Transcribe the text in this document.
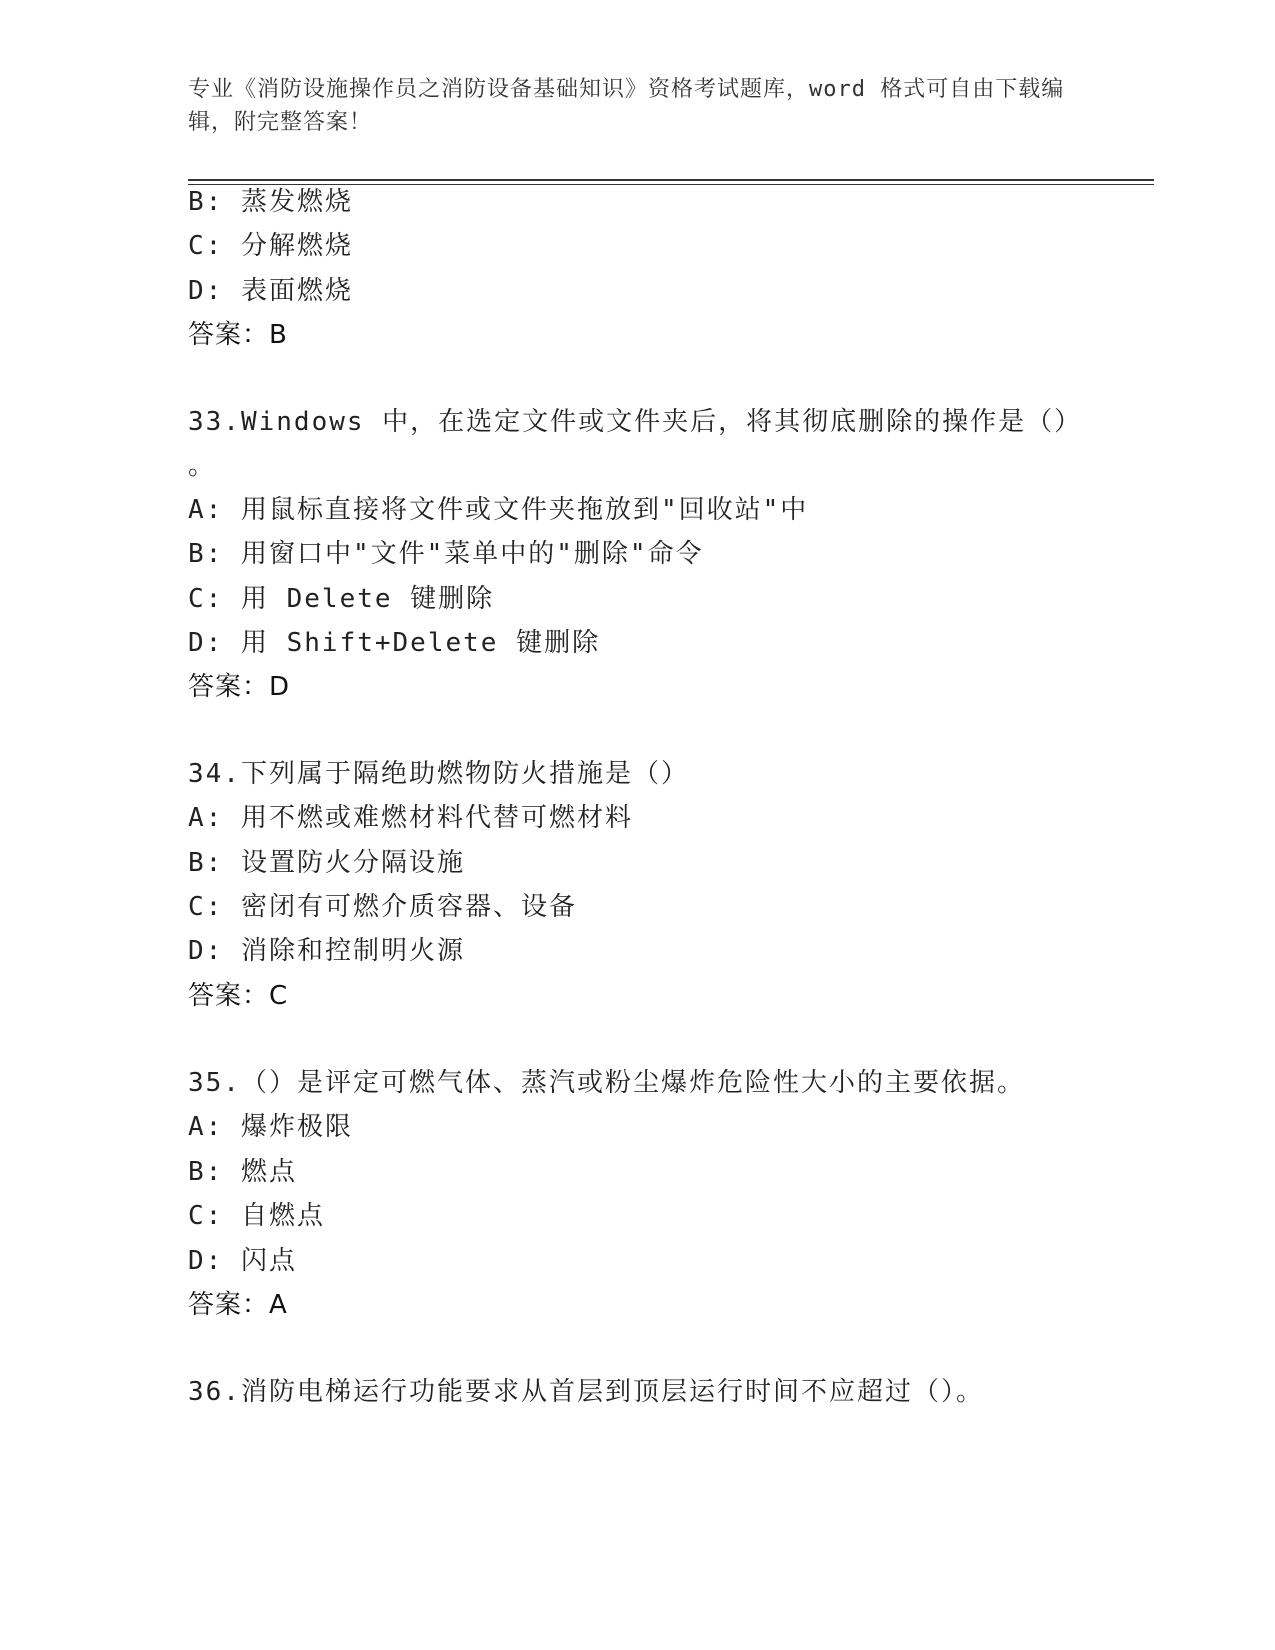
专业《消防设施操作员之消防设备基础知识》资格考试题库，word 格式可自由下载编辑，附完整答案！
B: 蒸发燃烧
C: 分解燃烧
D: 表面燃烧
答案：B
33.Windows 中，在选定文件或文件夹后，将其彻底删除的操作是（）
。
A: 用鼠标直接将文件或文件夹拖放到"回收站"中
B: 用窗口中"文件"菜单中的"删除"命令
C: 用 Delete 键删除
D: 用 Shift+Delete 键删除
答案：D
34.下列属于隔绝助燃物防火措施是（）
A: 用不燃或难燃材料代替可燃材料
B: 设置防火分隔设施
C: 密闭有可燃介质容器、设备
D: 消除和控制明火源
答案：C
35.（）是评定可燃气体、蒸汽或粉尘爆炸危险性大小的主要依据。
A: 爆炸极限
B: 燃点
C: 自燃点
D: 闪点
答案：A
36.消防电梯运行功能要求从首层到顶层运行时间不应超过（）。
